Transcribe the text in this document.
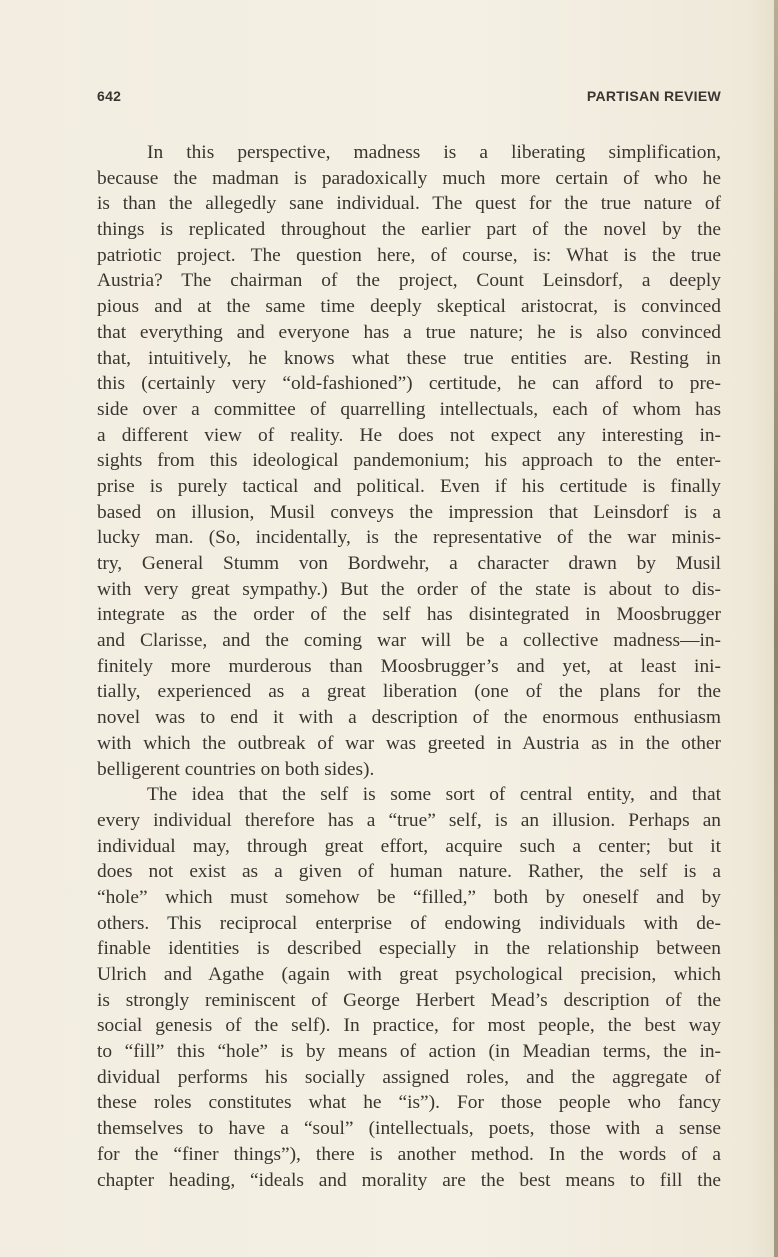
642	PARTISAN REVIEW
In this perspective, madness is a liberating simplification,
because the madman is paradoxically much more certain of who he
is than the allegedly sane individual. The quest for the true nature of
things is replicated throughout the earlier part of the novel by the
patriotic project. The question here, of course, is: What is the true
Austria? The chairman of the project, Count Leinsdorf, a deeply
pious and at the same time deeply skeptical aristocrat, is convinced
that everything and everyone has a true nature; he is also convinced
that, intuitively, he knows what these true entities are. Resting in
this (certainly very “old-fashioned”) certitude, he can afford to pre-
side over a committee of quarrelling intellectuals, each of whom has
a different view of reality. He does not expect any interesting in-
sights from this ideological pandemonium; his approach to the enter-
prise is purely tactical and political. Even if his certitude is finally
based on illusion, Musil conveys the impression that Leinsdorf is a
lucky man. (So, incidentally, is the representative of the war minis-
try, General Stumm von Bordwehr, a character drawn by Musil
with very great sympathy.) But the order of the state is about to dis-
integrate as the order of the self has disintegrated in Moosbrugger
and Clarisse, and the coming war will be a collective madness—in-
finitely more murderous than Moosbrugger’s and yet, at least ini-
tially, experienced as a great liberation (one of the plans for the
novel was to end it with a description of the enormous enthusiasm
with which the outbreak of war was greeted in Austria as in the other
belligerent countries on both sides).
The idea that the self is some sort of central entity, and that
every individual therefore has a “true” self, is an illusion. Perhaps an
individual may, through great effort, acquire such a center; but it
does not exist as a given of human nature. Rather, the self is a
“hole” which must somehow be “filled,” both by oneself and by
others. This reciprocal enterprise of endowing individuals with de-
finable identities is described especially in the relationship between
Ulrich and Agathe (again with great psychological precision, which
is strongly reminiscent of George Herbert Mead’s description of the
social genesis of the self). In practice, for most people, the best way
to “fill” this “hole” is by means of action (in Meadian terms, the in-
dividual performs his socially assigned roles, and the aggregate of
these roles constitutes what he “is”). For those people who fancy
themselves to have a “soul” (intellectuals, poets, those with a sense
for the “finer things”), there is another method. In the words of a
chapter heading, “ideals and morality are the best means to fill the
